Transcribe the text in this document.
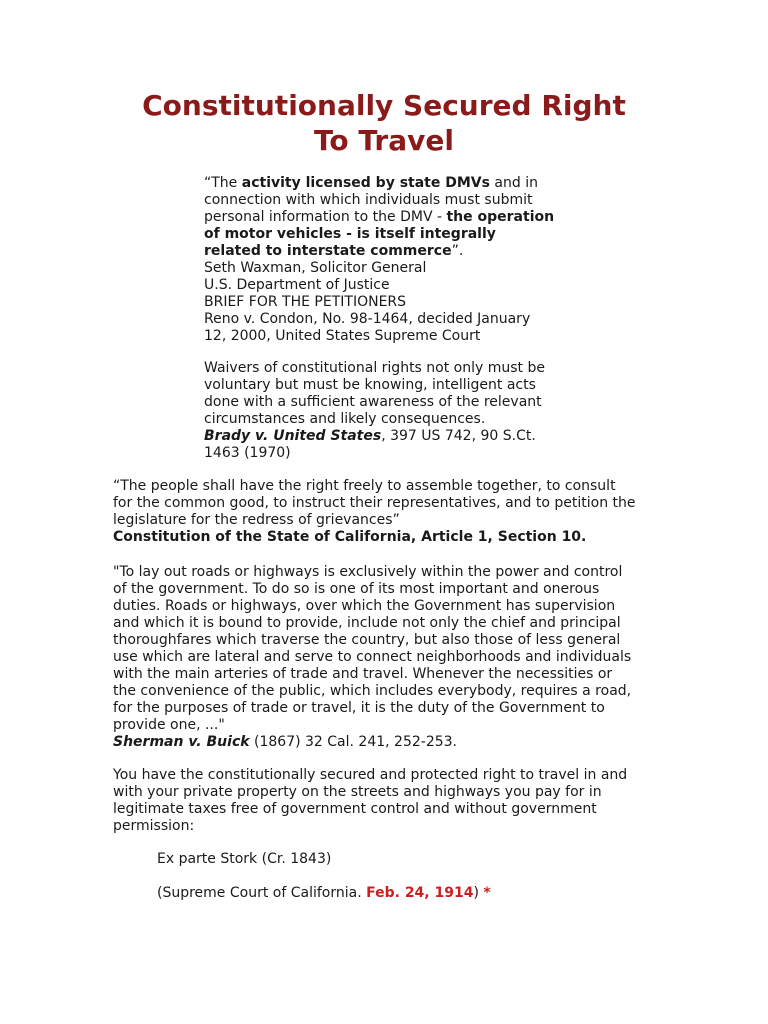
Constitutionally Secured Right
To Travel
“The activity licensed by state DMVs and in
connection with which individuals must submit
personal information to the DMV - the operation
of motor vehicles - is itself integrally
related to interstate commerce”.
Seth Waxman, Solicitor General
U.S. Department of Justice
BRIEF FOR THE PETITIONERS
Reno v. Condon, No. 98-1464, decided January
12, 2000, United States Supreme Court
Waivers of constitutional rights not only must be
voluntary but must be knowing, intelligent acts
done with a sufficient awareness of the relevant
circumstances and likely consequences.
Brady v. United States, 397 US 742, 90 S.Ct.
1463 (1970)
“The people shall have the right freely to assemble together, to consult
for the common good, to instruct their representatives, and to petition the
legislature for the redress of grievances”
Constitution of the State of California, Article 1, Section 10.
"To lay out roads or highways is exclusively within the power and control
of the government. To do so is one of its most important and onerous
duties. Roads or highways, over which the Government has supervision
and which it is bound to provide, include not only the chief and principal
thoroughfares which traverse the country, but also those of less general
use which are lateral and serve to connect neighborhoods and individuals
with the main arteries of trade and travel. Whenever the necessities or
the convenience of the public, which includes everybody, requires a road,
for the purposes of trade or travel, it is the duty of the Government to
provide one, ..."
Sherman v. Buick (1867) 32 Cal. 241, 252-253.
You have the constitutionally secured and protected right to travel in and
with your private property on the streets and highways you pay for in
legitimate taxes free of government control and without government
permission:
Ex parte Stork (Cr. 1843)
(Supreme Court of California. Feb. 24, 1914) *
